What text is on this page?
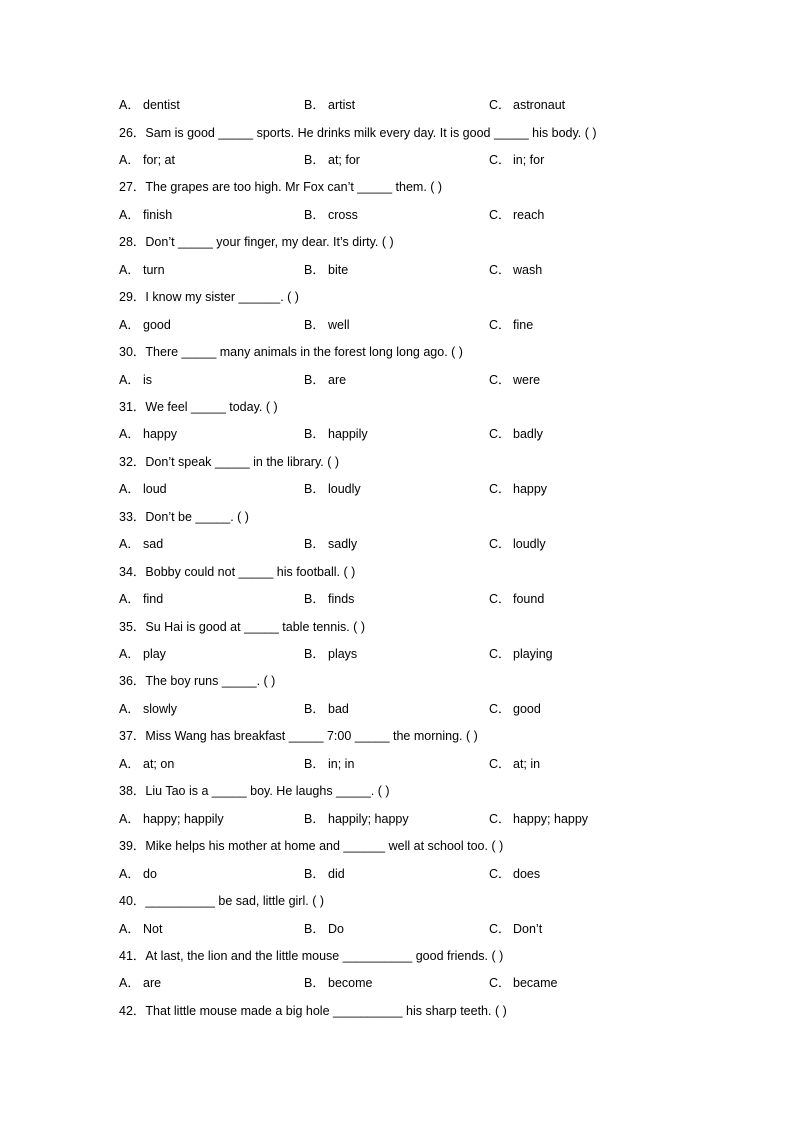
A． dentist	B． artist	C． astronaut
26．Sam is good _____ sports. He drinks milk every day. It is good _____ his body. ( )
A． for; at	B． at; for	C． in; for
27．The grapes are too high. Mr Fox can’t _____ them. ( )
A． finish	B． cross	C． reach
28．Don’t _____ your finger, my dear. It’s dirty. ( )
A． turn	B． bite	C． wash
29．I know my sister ______. ( )
A． good	B． well	C． fine
30．There _____ many animals in the forest long long ago. ( )
A． is	B． are	C． were
31．We feel _____ today. ( )
A． happy	B． happily	C． badly
32．Don’t speak _____ in the library. ( )
A． loud	B． loudly	C． happy
33．Don’t be _____. ( )
A． sad	B． sadly	C． loudly
34．Bobby could not _____ his football. ( )
A． find	B． finds	C． found
35．Su Hai is good at _____ table tennis. ( )
A． play	B． plays	C． playing
36．The boy runs _____. ( )
A． slowly	B． bad	C． good
37．Miss Wang has breakfast _____ 7:00 _____ the morning. ( )
A． at; on	B． in; in	C． at; in
38．Liu Tao is a _____ boy. He laughs _____. ( )
A． happy; happily	B． happily; happy	C． happy; happy
39．Mike helps his mother at home and ______ well at school too. ( )
A． do	B． did	C． does
40．__________ be sad, little girl. ( )
A． Not	B． Do	C． Don’t
41．At last, the lion and the little mouse __________ good friends. ( )
A． are	B． become	C． became
42．That little mouse made a big hole __________ his sharp teeth. ( )
